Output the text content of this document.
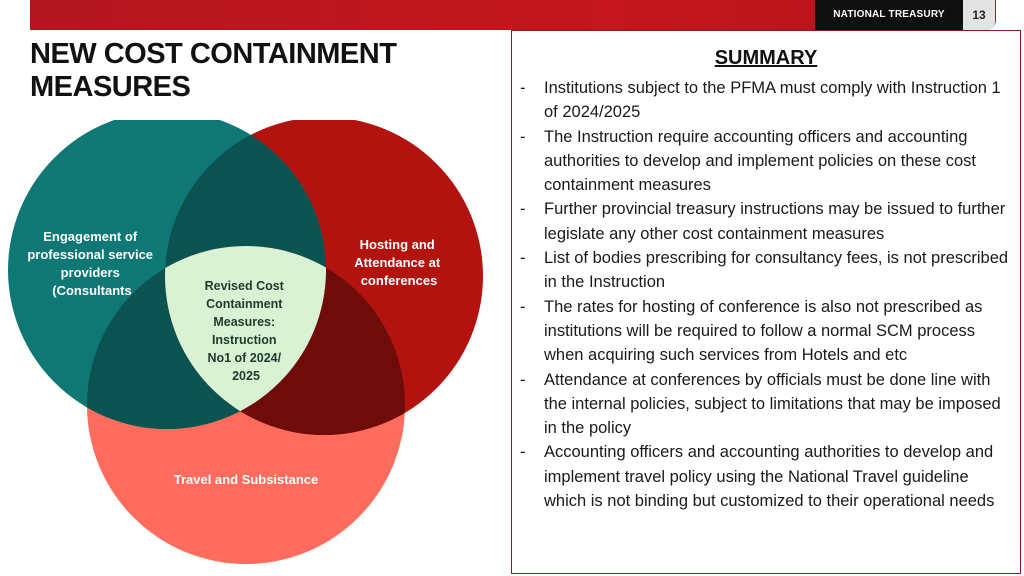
NATIONAL TREASURY	13
NEW COST CONTAINMENT MEASURES
Engagement of professional service providers (Consultants
Hosting and Attendance at conferences
Travel and Subsistance
Revised Cost Containment Measures: Instruction No1 of 2024/ 2025
SUMMARY
- Institutions subject to the PFMA must comply with Instruction 1 of 2024/2025
- The Instruction require accounting officers and accounting authorities to develop and implement policies on these cost containment measures
- Further provincial treasury instructions may be issued to further legislate any other cost containment measures
- List of bodies prescribing for consultancy fees, is not prescribed in the Instruction
- The rates for hosting of conference is also not prescribed as institutions will be required to follow a normal SCM process when acquiring such services from Hotels and etc
- Attendance at conferences by officials must be done line with the internal policies, subject to limitations that may be imposed in the policy
- Accounting officers and accounting authorities to develop and implement travel policy using the National Travel guideline which is not binding but customized to their operational needs
